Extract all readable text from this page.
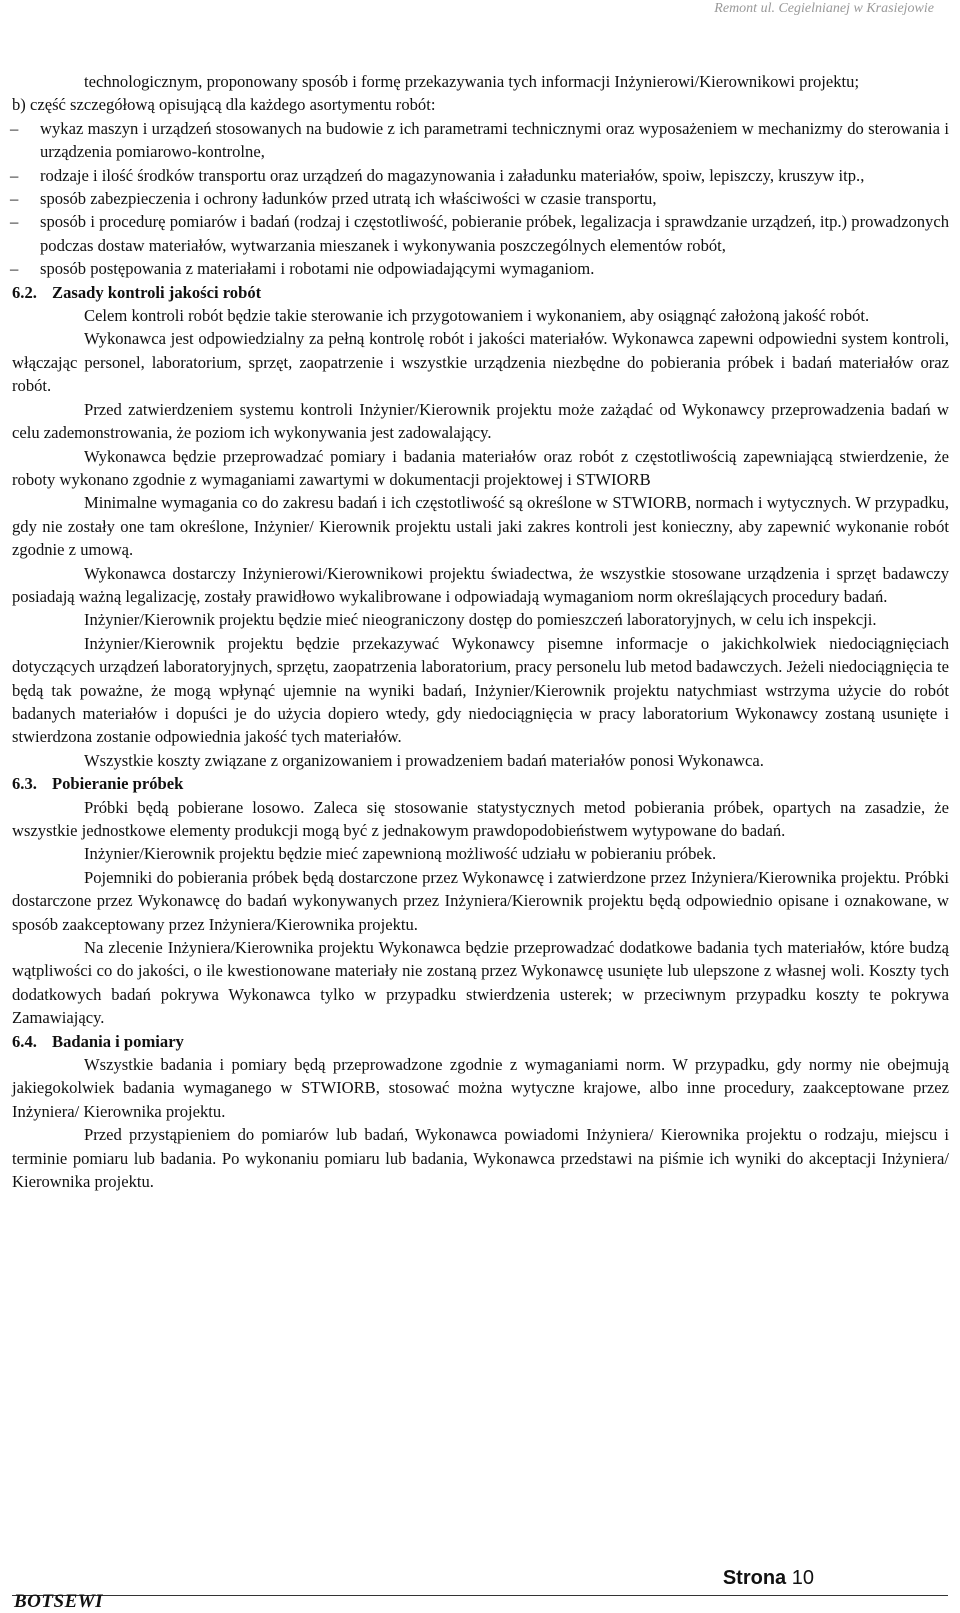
Remont ul. Cegielnianej w Krasiejowie

technologicznym, proponowany sposób i formę przekazywania tych informacji Inżynierowi/Kierownikowi projektu;

b) część szczegółową opisującą dla każdego asortymentu robót:

– wykaz maszyn i urządzeń stosowanych na budowie z ich parametrami technicznymi oraz wyposażeniem w mechanizmy do sterowania i urządzenia pomiarowo-kontrolne,
– rodzaje i ilość środków transportu oraz urządzeń do magazynowania i załadunku materiałów, spoiw, lepiszczy, kruszyw itp.,
– sposób zabezpieczenia i ochrony ładunków przed utratą ich właściwości w czasie transportu,
– sposób i procedurę pomiarów i badań (rodzaj i częstotliwość, pobieranie próbek, legalizacja i sprawdzanie urządzeń, itp.) prowadzonych podczas dostaw materiałów, wytwarzania mieszanek i wykonywania poszczególnych elementów robót,
– sposób postępowania z materiałami i robotami nie odpowiadającymi wymaganiom.
6.2. Zasady kontroli jakości robót

Celem kontroli robót będzie takie sterowanie ich przygotowaniem i wykonaniem, aby osiągnąć założoną jakość robót.

Wykonawca jest odpowiedzialny za pełną kontrolę robót i jakości materiałów. Wykonawca zapewni odpowiedni system kontroli, włączając personel, laboratorium, sprzęt, zaopatrzenie i wszystkie urządzenia niezbędne do pobierania próbek i badań materiałów oraz robót.

Przed zatwierdzeniem systemu kontroli Inżynier/Kierownik projektu może zażądać od Wykonawcy przeprowadzenia badań w celu zademonstrowania, że poziom ich wykonywania jest zadowalający.

Wykonawca będzie przeprowadzać pomiary i badania materiałów oraz robót z częstotliwością zapewniającą stwierdzenie, że roboty wykonano zgodnie z wymaganiami zawartymi w dokumentacji projektowej i STWIORB

Minimalne wymagania co do zakresu badań i ich częstotliwość są określone w STWIORB, normach i wytycznych. W przypadku, gdy nie zostały one tam określone, Inżynier/ Kierownik projektu ustali jaki zakres kontroli jest konieczny, aby zapewnić wykonanie robót zgodnie z umową.

Wykonawca dostarczy Inżynierowi/Kierownikowi projektu świadectwa, że wszystkie stosowane urządzenia i sprzęt badawczy posiadają ważną legalizację, zostały prawidłowo wykalibrowane i odpowiadają wymaganiom norm określających procedury badań.

Inżynier/Kierownik projektu będzie mieć nieograniczony dostęp do pomieszczeń laboratoryjnych, w celu ich inspekcji.

Inżynier/Kierownik projektu będzie przekazywać Wykonawcy pisemne informacje o jakichkolwiek niedociągnięciach dotyczących urządzeń laboratoryjnych, sprzętu, zaopatrzenia laboratorium, pracy personelu lub metod badawczych. Jeżeli niedociągnięcia te będą tak poważne, że mogą wpłynąć ujemnie na wyniki badań, Inżynier/Kierownik projektu natychmiast wstrzyma użycie do robót badanych materiałów i dopuści je do użycia dopiero wtedy, gdy niedociągnięcia w pracy laboratorium Wykonawcy zostaną usunięte i stwierdzona zostanie odpowiednia jakość tych materiałów.

Wszystkie koszty związane z organizowaniem i prowadzeniem badań materiałów ponosi Wykonawca.

6.3. Pobieranie próbek

Próbki będą pobierane losowo. Zaleca się stosowanie statystycznych metod pobierania próbek, opartych na zasadzie, że wszystkie jednostkowe elementy produkcji mogą być z jednakowym prawdopodobieństwem wytypowane do badań.

Inżynier/Kierownik projektu będzie mieć zapewnioną możliwość udziału w pobieraniu próbek.

Pojemniki do pobierania próbek będą dostarczone przez Wykonawcę i zatwierdzone przez Inżyniera/Kierownika projektu. Próbki dostarczone przez Wykonawcę do badań wykonywanych przez Inżyniera/Kierownik projektu będą odpowiednio opisane i oznakowane, w sposób zaakceptowany przez Inżyniera/Kierownika projektu.

Na zlecenie Inżyniera/Kierownika projektu Wykonawca będzie przeprowadzać dodatkowe badania tych materiałów, które budzą wątpliwości co do jakości, o ile kwestionowane materiały nie zostaną przez Wykonawcę usunięte lub ulepszone z własnej woli. Koszty tych dodatkowych badań pokrywa Wykonawca tylko w przypadku stwierdzenia usterek; w przeciwnym przypadku koszty te pokrywa Zamawiający.

6.4. Badania i pomiary

Wszystkie badania i pomiary będą przeprowadzone zgodnie z wymaganiami norm. W przypadku, gdy normy nie obejmują jakiegokolwiek badania wymaganego w STWIORB, stosować można wytyczne krajowe, albo inne procedury, zaakceptowane przez Inżyniera/ Kierownika projektu.

Przed przystąpieniem do pomiarów lub badań, Wykonawca powiadomi Inżyniera/ Kierownika projektu o rodzaju, miejscu i terminie pomiaru lub badania. Po wykonaniu pomiaru lub badania, Wykonawca przedstawi na piśmie ich wyniki do akceptacji Inżyniera/ Kierownika projektu.

Strona 10
BOTSEWI
